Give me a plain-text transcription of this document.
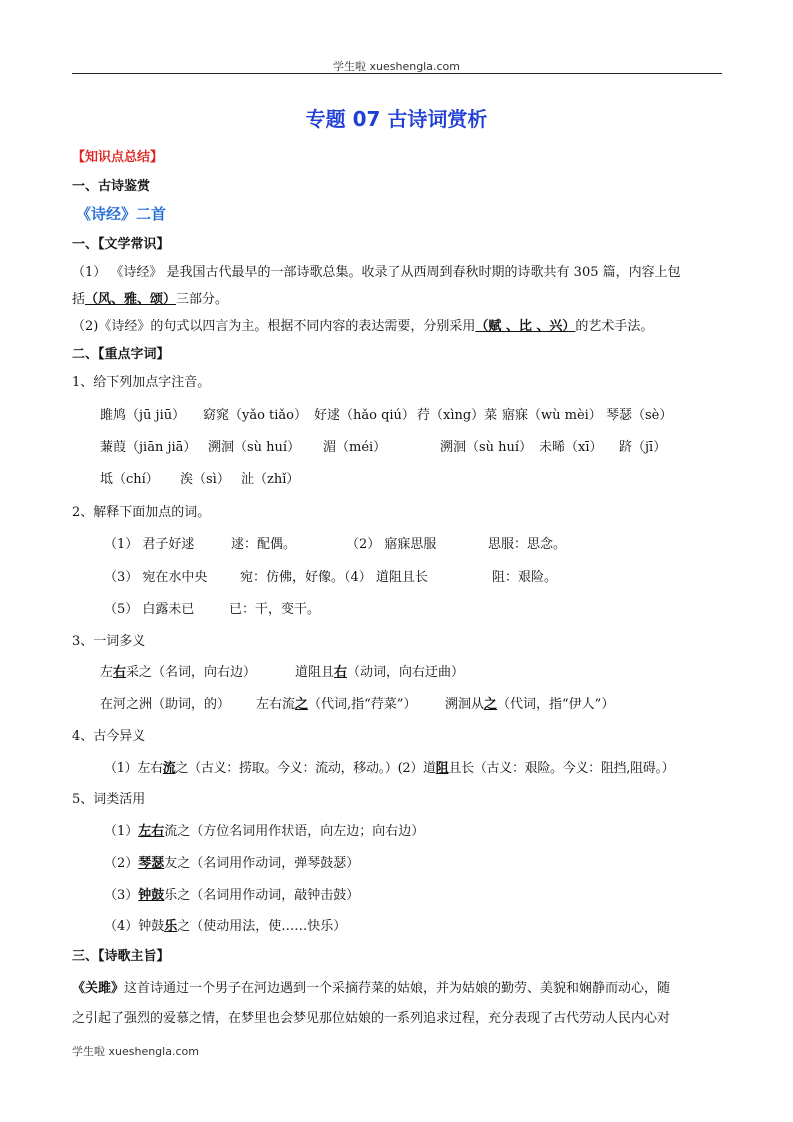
学生啦 xueshengla.com
专题 07 古诗词赏析
【知识点总结】
一、古诗鉴赏
《诗经》二首
一、【文学常识】
（1） 《诗经》 是我国古代最早的一部诗歌总集。收录了从西周到春秋时期的诗歌共有 305 篇，内容上包
括（风、雅、颂）三部分。
（2)《诗经》的句式以四言为主。根据不同内容的表达需要，分别采用（赋 、比 、兴）的艺术手法。
二、【重点字词】
1、给下列加点字注音。
雎鸠（jū jiū） 窈窕（yǎo tiǎo） 好逑（hǎo qiú） 荇（xìng）菜 寤寐（wù mèi） 琴瑟（sè）
蒹葭（jiān jiā） 溯洄（sù huí） 湄（méi）	溯洄（sù huí） 未晞（xī） 跻（jī）
坻（chí） 涘（sì） 沚（zhǐ）
2、解释下面加点的词。
（1） 君子好逑	逑：配偶。	（2） 寤寐思服	思服：思念。
（3） 宛在水中央	宛：仿佛，好像。（4） 道阻且长	阻：艰险。
（5） 白露未已	已：干，变干。
3、一词多义
左右采之（名词，向右边）	道阻且右（动词，向右迂曲）
在河之洲（助词，的） 左右流之（代词,指“荇菜”） 溯洄从之（代词，指“伊人”）
4、古今异义
（1）左右流之（古义：捞取。今义：流动，移动。）(2）道阻且长（古义：艰险。今义：阻挡,阻碍。）
5、词类活用
（1）左右流之（方位名词用作状语，向左边；向右边）
（2）琴瑟友之（名词用作动词，弹琴鼓瑟）
（3）钟鼓乐之（名词用作动词，敲钟击鼓）
（4）钟鼓乐之（使动用法，使……快乐）
三、【诗歌主旨】
《关雎》这首诗通过一个男子在河边遇到一个采摘荇菜的姑娘，并为姑娘的勤劳、美貌和娴静而动心，随
之引起了强烈的爱慕之情，在梦里也会梦见那位姑娘的一系列追求过程，充分表现了古代劳动人民内心对
学生啦 xueshengla.com
